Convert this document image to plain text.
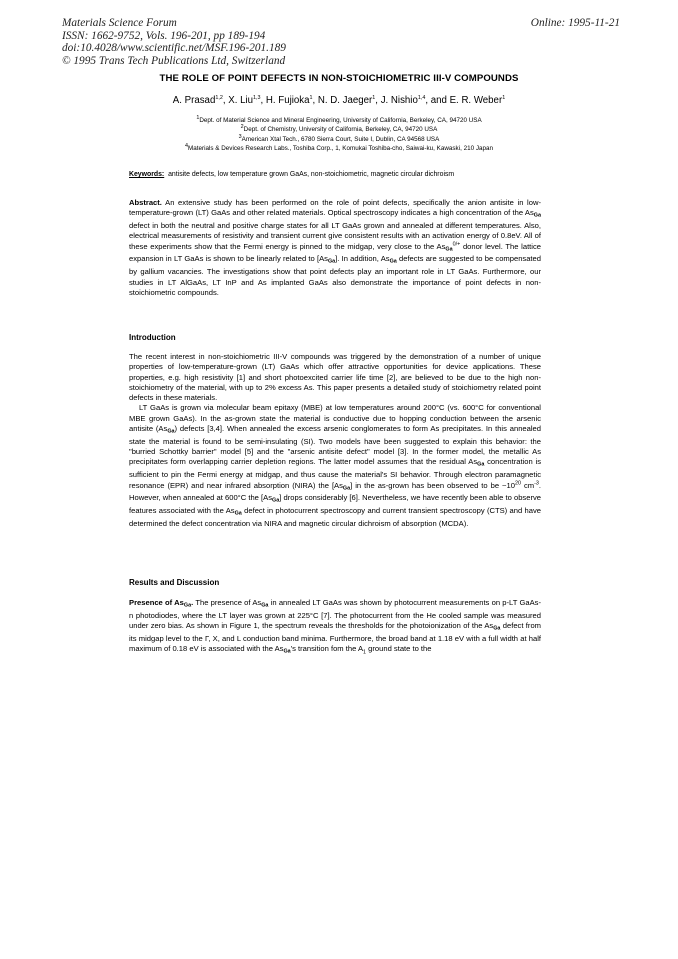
Materials Science Forum
ISSN: 1662-9752, Vols. 196-201, pp 189-194
doi:10.4028/www.scientific.net/MSF.196-201.189
© 1995 Trans Tech Publications Ltd, Switzerland
Online: 1995-11-21
THE ROLE OF POINT DEFECTS IN NON-STOICHIOMETRIC III-V COMPOUNDS
A. Prasad$^{1,2}$, X. Liu$^{1,3}$, H. Fujioka$^1$, N. D. Jaeger$^1$, J. Nishio$^{1,4}$, and E. R. Weber$^1$
$^1$Dept. of Material Science and Mineral Engineering, University of California, Berkeley, CA, 94720 USA
$^2$Dept. of Chemistry, University of California, Berkeley, CA, 94720 USA
$^3$American Xtal Tech., 6780 Sierra Court, Suite I, Dublin, CA 94568 USA
$^4$Materials & Devices Research Labs., Toshiba Corp., 1, Komukai Toshiba-cho, Saiwai-ku, Kawaski, 210 Japan
Keywords: antisite defects, low temperature grown GaAs, non-stoichiometric, magnetic circular dichroism

Abstract. An extensive study has been performed on the role of point defects, specifically the anion antisite in low-temperature-grown (LT) GaAs and other related materials. Optical spectroscopy indicates a high concentration of the AsGa defect in both the neutral and positive charge states for all LT GaAs grown and annealed at different temperatures. Also, electrical measurements of resistivity and transient current give consistent results with an activation energy of 0.8eV. All of these experiments show that the Fermi energy is pinned to the midgap, very close to the AsGa$^{0/+}$ donor level. The lattice expansion in LT GaAs is shown to be linearly related to [AsGa]. In addition, AsGa defects are suggested to be compensated by gallium vacancies. The investigations show that point defects play an important role in LT GaAs. Furthermore, our studies in LT AlGaAs, LT InP and As implanted GaAs also demonstrate the importance of point defects in non-stoichiometric compounds.

Introduction

The recent interest in non-stoichiometric III-V compounds was triggered by the demonstration of a number of unique properties of low-temperature-grown (LT) GaAs which offer attractive opportunities for device applications. These properties, e.g. high resistivity [1] and short photoexcited carrier life time [2], are believed to be due to the high non-stoichiometry of the material, with up to 2% excess As. This paper presents a detailed study of stoichiometry related point defects in these materials.

LT GaAs is grown via molecular beam epitaxy (MBE) at low temperatures around 200°C (vs. 600°C for conventional MBE grown GaAs). In the as-grown state the material is conductive due to hopping conduction between the arsenic antisite (AsGa) defects [3,4]. When annealed the excess arsenic conglomerates to form As precipitates. In this annealed state the material is found to be semi-insulating (SI). Two models have been suggested to explain this behavior: the "burried Schottky barrier" model [5] and the "arsenic antisite defect" model [3]. In the former model, the metallic As precipitates form overlapping carrier depletion regions. The latter model assumes that the residual AsGa concentration is sufficient to pin the Fermi energy at midgap, and thus cause the material's SI behavior. Through electron paramagnetic resonance (EPR) and near infrared absorption (NIRA) the [AsGa] in the as-grown has been observed to be $\sim 10^{20}$ $cm^{-3}$. However, when annealed at 600°C the [AsGa] drops considerably [6]. Nevertheless, we have recently been able to observe features associated with the AsGa defect in photocurrent spectroscopy and current transient spectroscopy (CTS) and have determined the defect concentration via NIRA and magnetic circular dichroism of absorption (MCDA).

Results and Discussion

Presence of AsGa. The presence of AsGa in annealed LT GaAs was shown by photocurrent measurements on p-LT GaAs-n photodiodes, where the LT layer was grown at 225°C [7]. The photocurrent from the He cooled sample was measured under zero bias. As shown in Figure 1, the spectrum reveals the thresholds for the photoionization of the AsGa defect from its midgap level to the Γ, X, and L conduction band minima. Furthermore, the broad band at 1.18 eV with a full width at half maximum of 0.18 eV is associated with the AsGa's transition fom the $A_1$ ground state to the
